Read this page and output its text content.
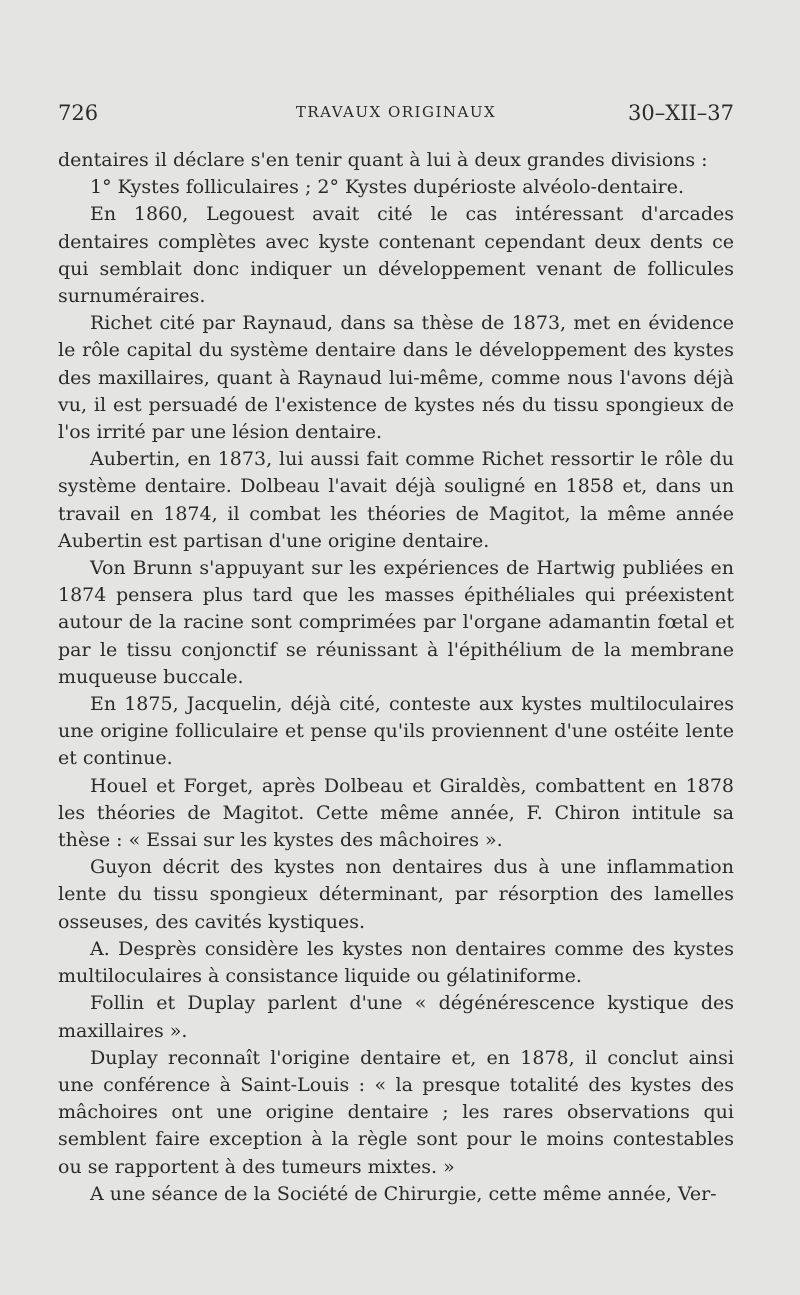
726	TRAVAUX ORIGINAUX	30–XII–37

dentaires il déclare s'en tenir quant à lui à deux grandes divisions :

1° Kystes folliculaires ; 2° Kystes dupérioste alvéolo-dentaire.

En 1860, Legouest avait cité le cas intéressant d'arcades dentaires complètes avec kyste contenant cependant deux dents ce qui semblait donc indiquer un développement venant de follicules surnuméraires.

Richet cité par Raynaud, dans sa thèse de 1873, met en évidence le rôle capital du système dentaire dans le développement des kystes des maxillaires, quant à Raynaud lui-même, comme nous l'avons déjà vu, il est persuadé de l'existence de kystes nés du tissu spongieux de l'os irrité par une lésion dentaire.

Aubertin, en 1873, lui aussi fait comme Richet ressortir le rôle du système dentaire. Dolbeau l'avait déjà souligné en 1858 et, dans un travail en 1874, il combat les théories de Magitot, la même année Aubertin est partisan d'une origine dentaire.

Von Brunn s'appuyant sur les expériences de Hartwig publiées en 1874 pensera plus tard que les masses épithéliales qui préexistent autour de la racine sont comprimées par l'organe adamantin fœtal et par le tissu conjonctif se réunissant à l'épithélium de la membrane muqueuse buccale.

En 1875, Jacquelin, déjà cité, conteste aux kystes multiloculaires une origine folliculaire et pense qu'ils proviennent d'une ostéite lente et continue.

Houel et Forget, après Dolbeau et Giraldès, combattent en 1878 les théories de Magitot. Cette même année, F. Chiron intitule sa thèse : « Essai sur les kystes des mâchoires ».

Guyon décrit des kystes non dentaires dus à une inflammation lente du tissu spongieux déterminant, par résorption des lamelles osseuses, des cavités kystiques.

A. Desprès considère les kystes non dentaires comme des kystes multiloculaires à consistance liquide ou gélatiniforme.

Follin et Duplay parlent d'une « dégénérescence kystique des maxillaires ».

Duplay reconnaît l'origine dentaire et, en 1878, il conclut ainsi une conférence à Saint-Louis : « la presque totalité des kystes des mâchoires ont une origine dentaire ; les rares observations qui semblent faire exception à la règle sont pour le moins contestables ou se rapportent à des tumeurs mixtes. »

A une séance de la Société de Chirurgie, cette même année, Ver-
